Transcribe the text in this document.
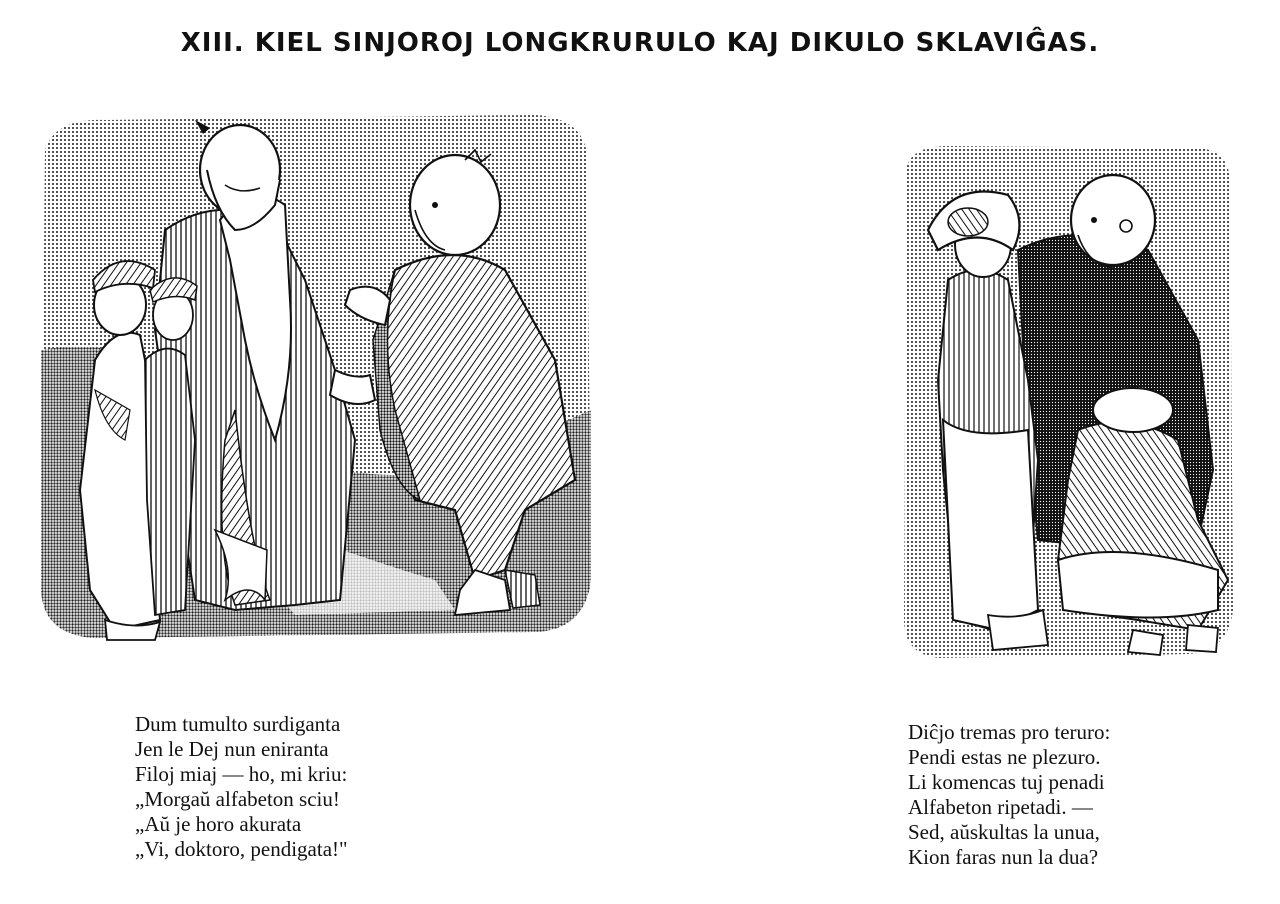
XIII. KIEL SINJOROJ LONGKRURULO KAJ DIKULO SKLAVIĜAS.
Dum tumulto surdiganta
Jen le Dej nun eniranta
Filoj miaj — ho, mi kriu:
„Morgaŭ alfabeton sciu!
„Aŭ je horo akurata
„Vi, doktoro, pendigata!"
Diĉjo tremas pro teruro:
Pendi estas ne plezuro.
Li komencas tuj penadi
Alfabeton ripetadi. —
Sed, aŭskultas la unua,
Kion faras nun la dua?
